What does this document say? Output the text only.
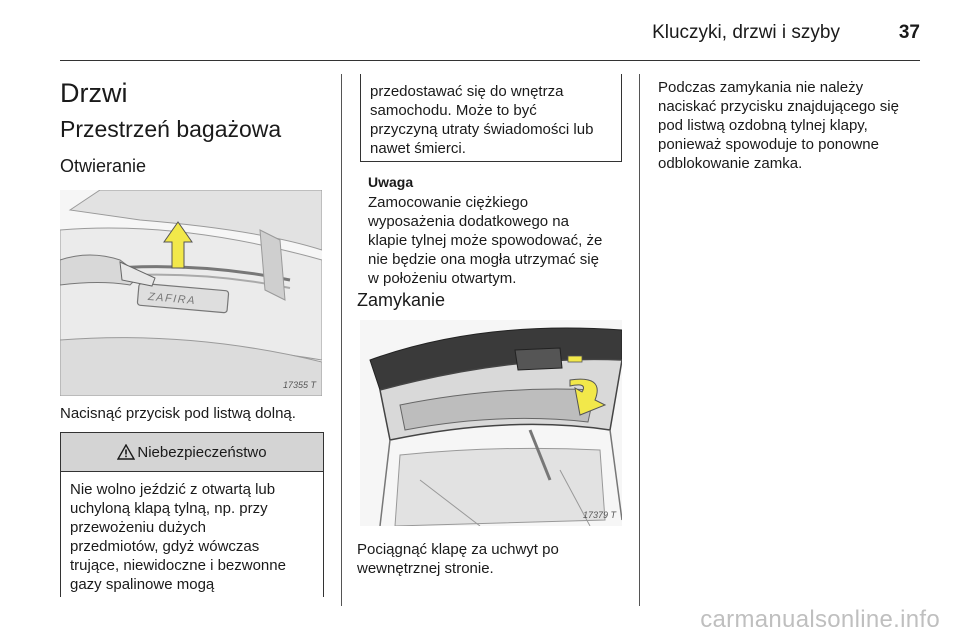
Kluczyki, drzwi i szyby	37
Drzwi
Przestrzeń bagażowa
Otwieranie
ZAFIRA
17355 T
Nacisnąć przycisk pod listwą dolną.
Niebezpieczeństwo
Nie wolno jeździć z otwartą lub
uchyloną klapą tylną, np. przy
przewożeniu dużych
przedmiotów, gdyż wówczas
trujące, niewidoczne i bezwonne
gazy spalinowe mogą
przedostawać się do wnętrza
samochodu. Może to być
przyczyną utraty świadomości lub
nawet śmierci.
Uwaga
Zamocowanie ciężkiego
wyposażenia dodatkowego na
klapie tylnej może spowodować, że
nie będzie ona mogła utrzymać się
w położeniu otwartym.
Zamykanie
17379 T
Pociągnąć klapę za uchwyt po
wewnętrznej stronie.
Podczas zamykania nie należy
naciskać przycisku znajdującego się
pod listwą ozdobną tylnej klapy,
ponieważ spowoduje to ponowne
odblokowanie zamka.
carmanualsonline.info
